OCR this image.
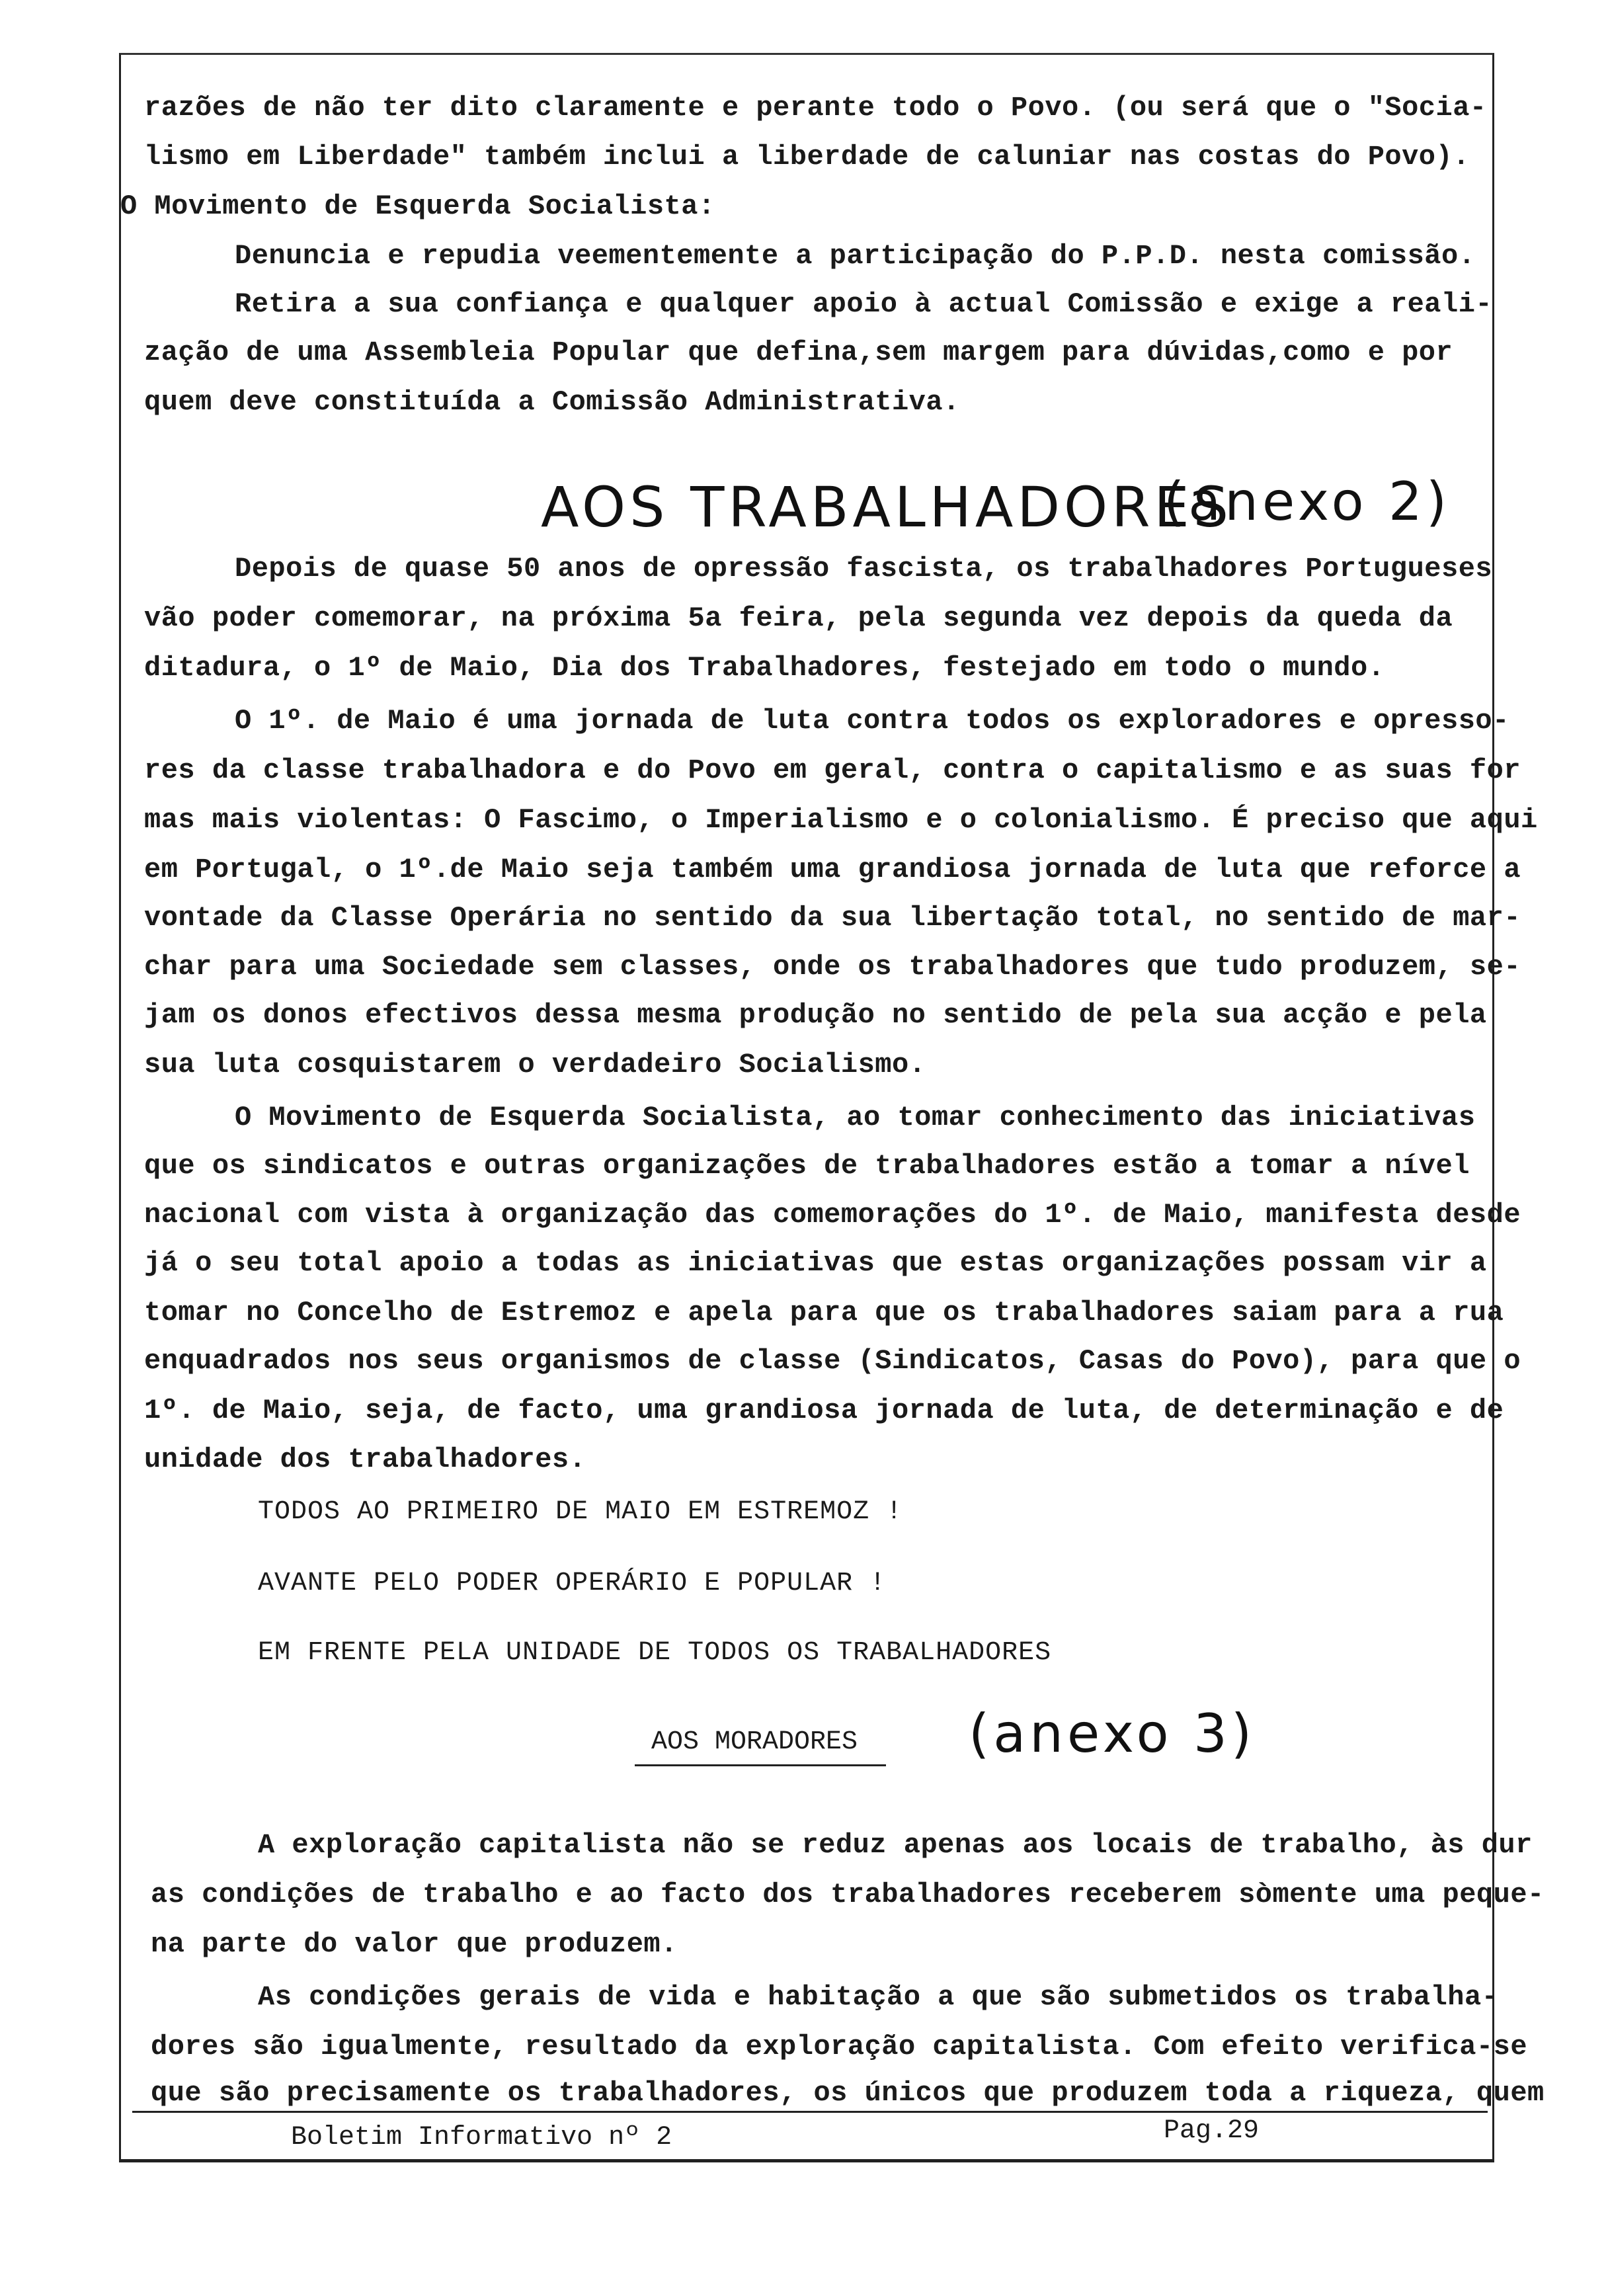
razões de não ter dito claramente e perante todo o Povo. (ou será que o "Socia-
lismo em Liberdade" também inclui a liberdade de caluniar nas costas do Povo).
O Movimento de Esquerda Socialista:
Denuncia e repudia veementemente a participação do P.P.D. nesta comissão.
Retira a sua confiança e qualquer apoio à actual Comissão e exige a reali-
zação de uma Assembleia Popular que defina,sem margem para dúvidas,como e por
quem deve constituída a Comissão Administrativa.
AOS TRABALHADORES
(anexo 2)
Depois de quase 50 anos de opressão fascista, os trabalhadores Portugueses
vão poder comemorar, na próxima 5a feira, pela segunda vez depois da queda da
ditadura, o 1º de Maio, Dia dos Trabalhadores, festejado em todo o mundo.
O 1º. de Maio é uma jornada de luta contra todos os exploradores e opresso-
res da classe trabalhadora e do Povo em geral, contra o capitalismo e as suas for
mas mais violentas: O Fascimo, o Imperialismo e o colonialismo. É preciso que aqui
em Portugal, o 1º.de Maio seja também uma grandiosa jornada de luta que reforce a
vontade da Classe Operária no sentido da sua libertação total, no sentido de mar-
char para uma Sociedade sem classes, onde os trabalhadores que tudo produzem, se-
jam os donos efectivos dessa mesma produção no sentido de pela sua acção e pela
sua luta cosquistarem o verdadeiro Socialismo.
O Movimento de Esquerda Socialista, ao tomar conhecimento das iniciativas
que os sindicatos e outras organizações de trabalhadores estão a tomar a nível
nacional com vista à organização das comemorações do 1º. de Maio, manifesta desde
já o seu total apoio a todas as iniciativas que estas organizações possam vir a
tomar no Concelho de Estremoz e apela para que os trabalhadores saiam para a rua
enquadrados nos seus organismos de classe (Sindicatos, Casas do Povo), para que o
1º. de Maio, seja, de facto, uma grandiosa jornada de luta, de determinação e de
unidade dos trabalhadores.
TODOS AO PRIMEIRO DE MAIO EM ESTREMOZ !
AVANTE PELO PODER OPERÁRIO E POPULAR !
EM FRENTE PELA UNIDADE DE TODOS OS TRABALHADORES
AOS MORADORES (anexo 3)
A exploração capitalista não se reduz apenas aos locais de trabalho, às dur
as condições de trabalho e ao facto dos trabalhadores receberem sòmente uma peque-
na parte do valor que produzem.
As condições gerais de vida e habitação a que são submetidos os trabalha-
dores são igualmente, resultado da exploração capitalista. Com efeito verifica-se
que são precisamente os trabalhadores, os únicos que produzem toda a riqueza, quem
Boletim Informativo nº 2	Pag.29
